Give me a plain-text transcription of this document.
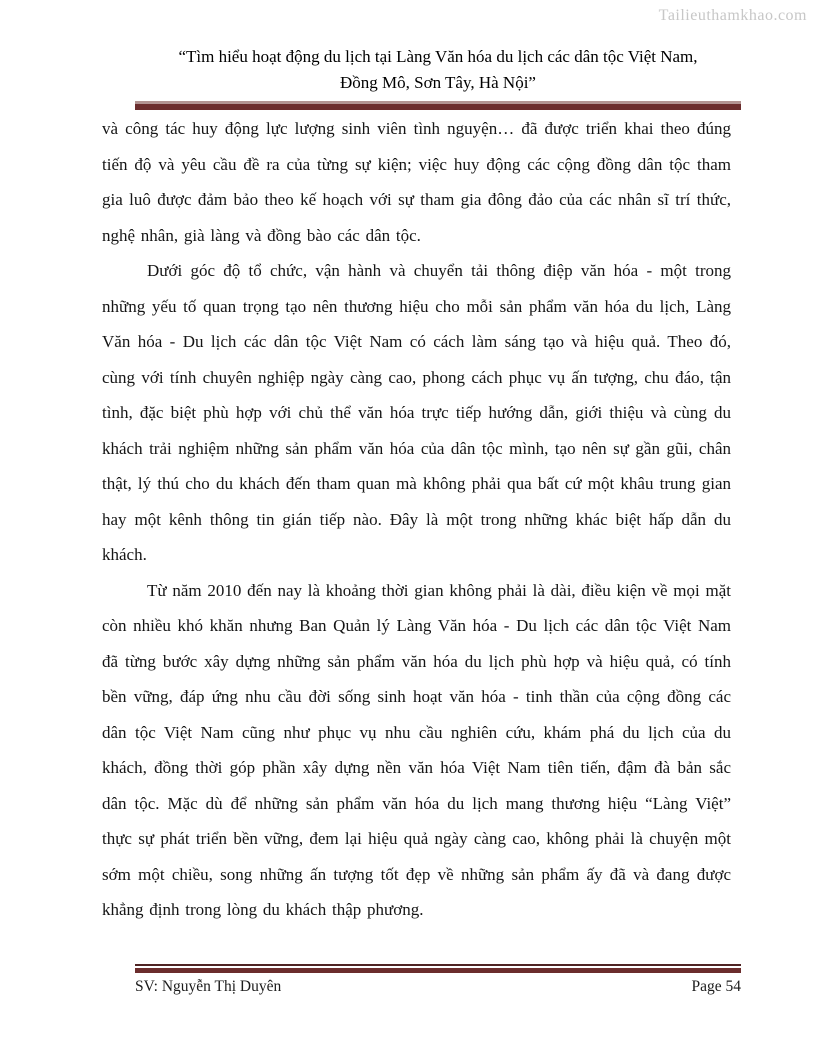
Tailieuthamkhao.com
“Tìm hiểu hoạt động du lịch tại Làng Văn hóa du lịch các dân tộc Việt Nam,
Đồng Mô, Sơn Tây, Hà Nội”

và công tác huy động lực lượng sinh viên tình nguyện… đã được triển khai theo đúng tiến độ và yêu cầu đề ra của từng sự kiện; việc huy động các cộng đồng dân tộc tham gia luô được đảm bảo theo kế hoạch với sự tham gia đông đảo của các nhân sĩ trí thức, nghệ nhân, già làng và đồng bào các dân tộc.

Dưới góc độ tổ chức, vận hành và chuyển tải thông điệp văn hóa - một trong những yếu tố quan trọng tạo nên thương hiệu cho mỗi sản phẩm văn hóa du lịch, Làng Văn hóa - Du lịch các dân tộc Việt Nam có cách làm sáng tạo và hiệu quả. Theo đó, cùng với tính chuyên nghiệp ngày càng cao, phong cách phục vụ ấn tượng, chu đáo, tận tình, đặc biệt phù hợp với chủ thể văn hóa trực tiếp hướng dẫn, giới thiệu và cùng du khách trải nghiệm những sản phẩm văn hóa của dân tộc mình, tạo nên sự gần gũi, chân thật, lý thú cho du khách đến tham quan mà không phải qua bất cứ một khâu trung gian hay một kênh thông tin gián tiếp nào. Đây là một trong những khác biệt hấp dẫn du khách.

Từ năm 2010 đến nay là khoảng thời gian không phải là dài, điều kiện về mọi mặt còn nhiều khó khăn nhưng Ban Quản lý Làng Văn hóa - Du lịch các dân tộc Việt Nam đã từng bước xây dựng những sản phẩm văn hóa du lịch phù hợp và hiệu quả, có tính bền vững, đáp ứng nhu cầu đời sống sinh hoạt văn hóa - tinh thần của cộng đồng các dân tộc Việt Nam cũng như phục vụ nhu cầu nghiên cứu, khám phá du lịch của du khách, đồng thời góp phần xây dựng nền văn hóa Việt Nam tiên tiến, đậm đà bản sắc dân tộc. Mặc dù để những sản phẩm văn hóa du lịch mang thương hiệu “Làng Việt” thực sự phát triển bền vững, đem lại hiệu quả ngày càng cao, không phải là chuyện một sớm một chiều, song những ấn tượng tốt đẹp về những sản phẩm ấy đã và đang được khẳng định trong lòng du khách thập phương.

SV: Nguyễn Thị Duyên	Page 54
